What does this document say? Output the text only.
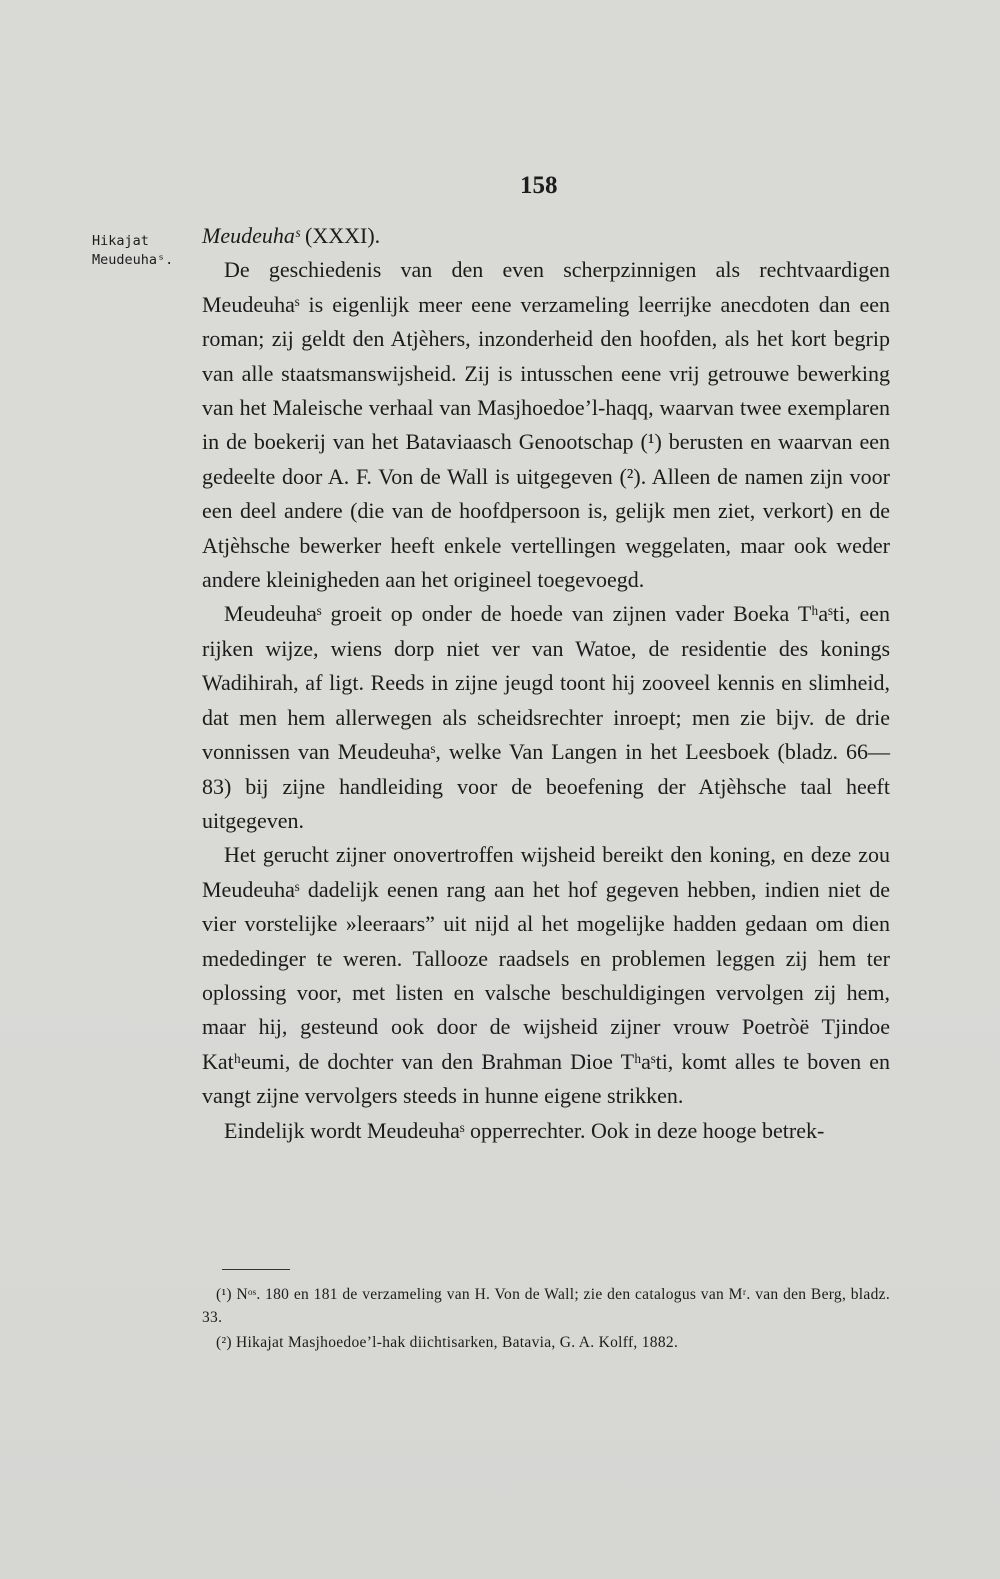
158
Hikajat
Meudeuhaˢ.
Meudeuhaˢ (XXXI).

De geschiedenis van den even scherpzinnigen als rechtvaardigen Meudeuhaˢ is eigenlijk meer eene verzameling leerrijke anecdoten dan een roman; zij geldt den Atjèhers, inzonderheid den hoofden, als het kort begrip van alle staatsmanswijsheid. Zij is intusschen eene vrij getrouwe bewerking van het Maleische verhaal van Masjhoedoe’l-haqq, waarvan twee exemplaren in de boekerij van het Bataviaasch Genootschap (¹) berusten en waarvan een gedeelte door A. F. Von de Wall is uitgegeven (²). Alleen de namen zijn voor een deel andere (die van de hoofdpersoon is, gelijk men ziet, verkort) en de Atjèhsche bewerker heeft enkele vertellingen weggelaten, maar ook weder andere kleinigheden aan het origineel toegevoegd.

Meudeuhaˢ groeit op onder de hoede van zijnen vader Boeka Tʰaˢti, een rijken wijze, wiens dorp niet ver van Watoe, de residentie des konings Wadihirah, af ligt. Reeds in zijne jeugd toont hij zooveel kennis en slimheid, dat men hem allerwegen als scheidsrechter inroept; men zie bijv. de drie vonnissen van Meudeuhaˢ, welke Van Langen in het Leesboek (bladz. 66—83) bij zijne handleiding voor de beoefening der Atjèhsche taal heeft uitgegeven.

Het gerucht zijner onovertroffen wijsheid bereikt den koning, en deze zou Meudeuhaˢ dadelijk eenen rang aan het hof gegeven hebben, indien niet de vier vorstelijke »leeraars” uit nijd al het mogelijke hadden gedaan om dien mededinger te weren. Tallooze raadsels en problemen leggen zij hem ter oplossing voor, met listen en valsche beschuldigingen vervolgen zij hem, maar hij, gesteund ook door de wijsheid zijner vrouw Poetròë Tjindoe Katʰeumi, de dochter van den Brahman Dioe Tʰaˢti, komt alles te boven en vangt zijne vervolgers steeds in hunne eigene strikken.

Eindelijk wordt Meudeuhaˢ opperrechter. Ook in deze hooge betrek-

(¹) Nᵒˢ. 180 en 181 de verzameling van H. Von de Wall; zie den catalogus van Mʳ. van den Berg, bladz. 33.
(²) Hikajat Masjhoedoe’l-hak diichtisarken, Batavia, G. A. Kolff, 1882.
